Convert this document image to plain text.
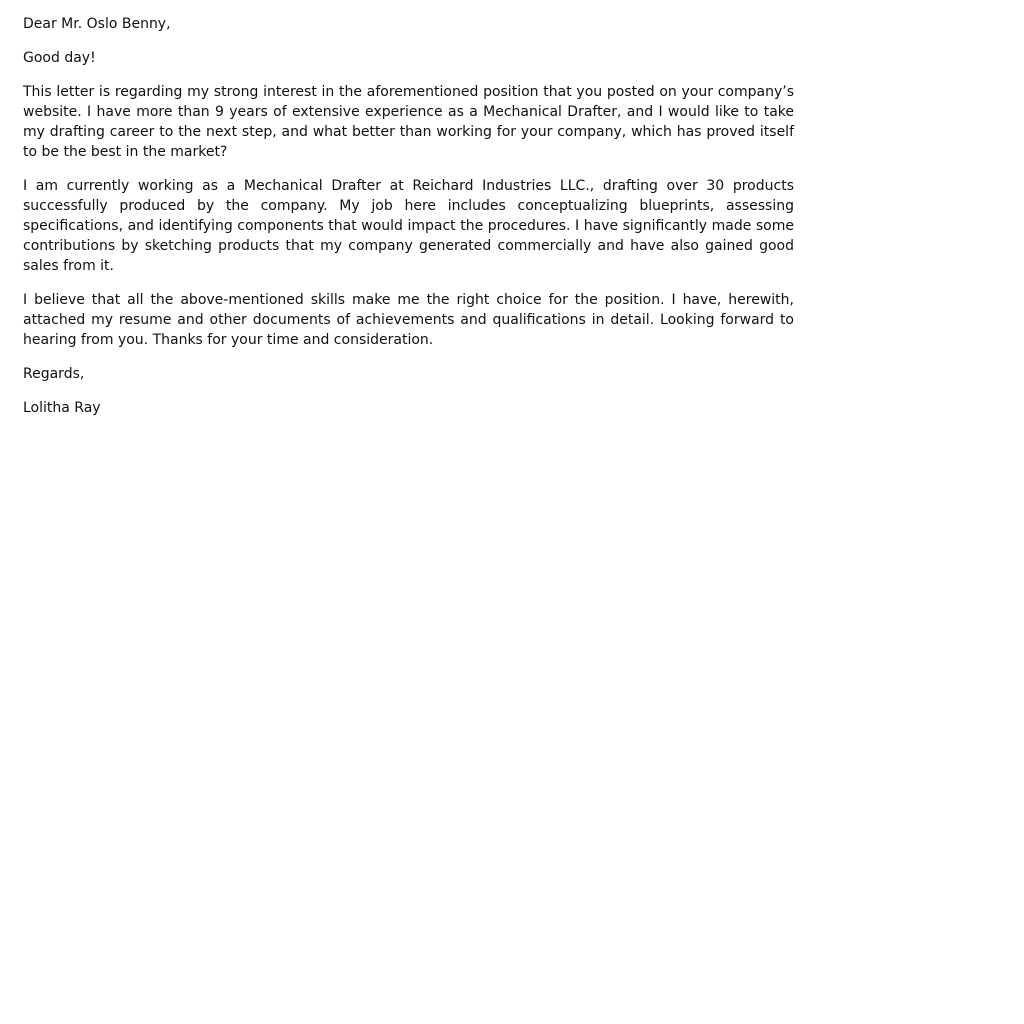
Dear Mr. Oslo Benny,

Good day!

This letter is regarding my strong interest in the aforementioned position that you posted on your company’s website. I have more than 9 years of extensive experience as a Mechanical Drafter, and I would like to take my drafting career to the next step, and what better than working for your company, which has proved itself to be the best in the market?

I am currently working as a Mechanical Drafter at Reichard Industries LLC., drafting over 30 products successfully produced by the company. My job here includes conceptualizing blueprints, assessing specifications, and identifying components that would impact the procedures. I have significantly made some contributions by sketching products that my company generated commercially and have also gained good sales from it.

I believe that all the above-mentioned skills make me the right choice for the position. I have, herewith, attached my resume and other documents of achievements and qualifications in detail. Looking forward to hearing from you. Thanks for your time and consideration.

Regards,

Lolitha Ray
